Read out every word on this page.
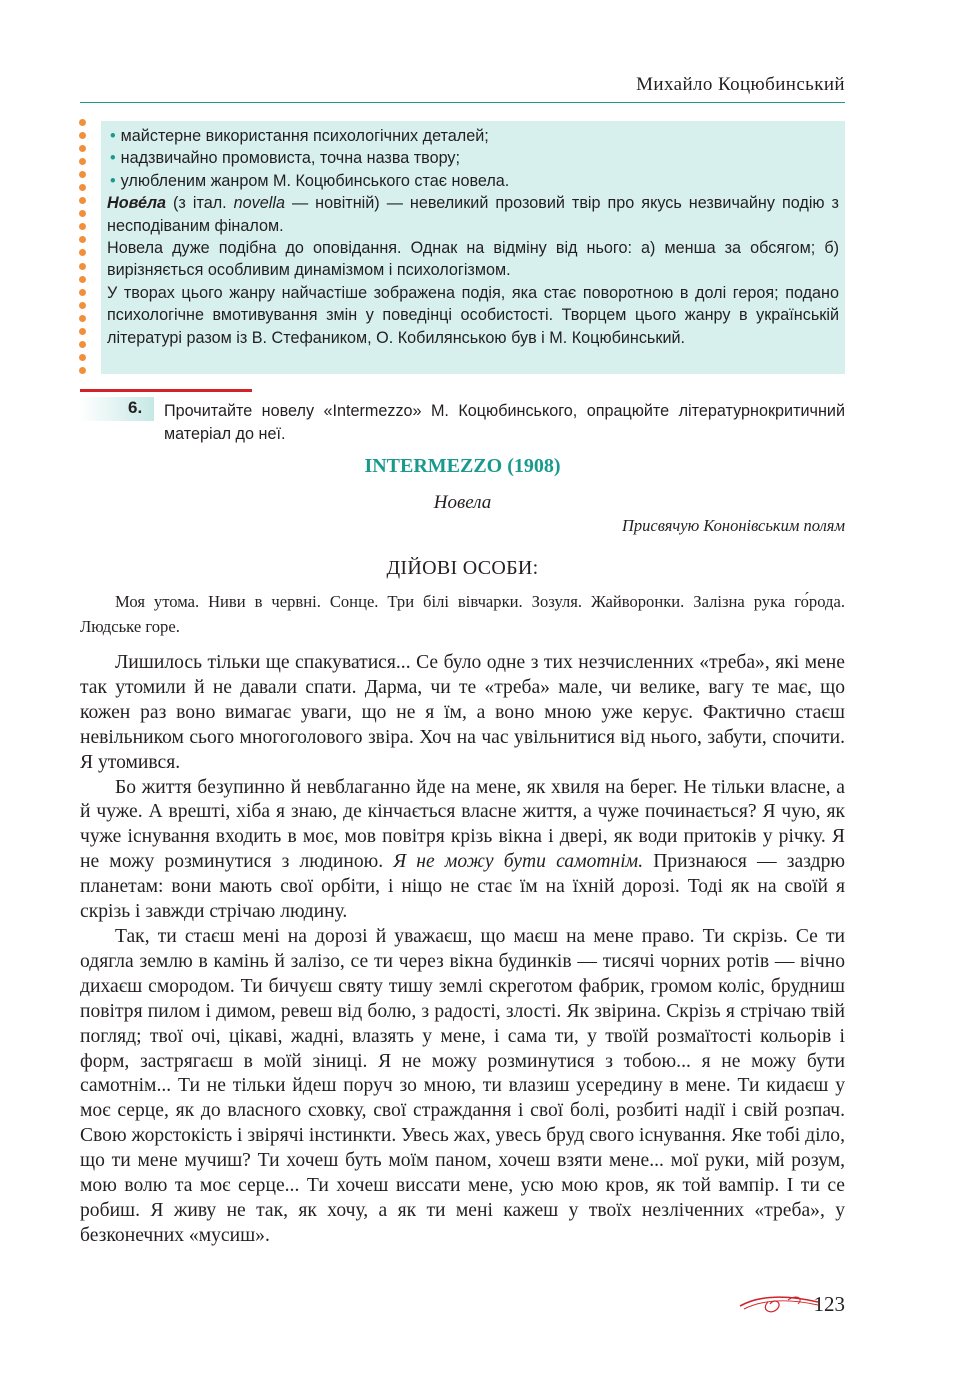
Михайло Коцюбинський

• майстерне використання психологічних деталей;

• надзвичайно промовиста, точна назва твору;

• улюбленим жанром М. Коцюбинського стає новела.

Нове́ла (з італ. novella — новітній) — невеликий прозовий твір про якусь незвичайну подію з несподіваним фіналом.

Новела дуже подібна до оповідання. Однак на відміну від нього: а) менша за обсягом; б) вирізняється особливим динамізмом і психологізмом.

У творах цього жанру найчастіше зображена подія, яка стає поворотною в долі героя; подано психологічне вмотивування змін у поведінці особистості. Творцем цього жанру в українській літературі разом із В. Стефаником, О. Кобилянською був і М. Коцюбинський.

6. Прочитайте новелу «Intermezzo» М. Коцюбинського, опрацюйте літературнокритичний матеріал до неї.
INTERMEZZO (1908)
Новела
Присвячую Кононівським полям
ДІЙОВІ ОСОБИ:

Моя утома. Ниви в червні. Сонце. Три білі вівчарки. Зозуля. Жайворонки. Залізна рука го́рода. Людське горе.

Лишилось тільки ще спакуватися... Се було одне з тих незчисленних «треба», які мене так утомили й не давали спати. Дарма, чи те «треба» мале, чи велике, вагу те має, що кожен раз воно вимагає уваги, що не я їм, а воно мною уже керує. Фактично стаєш невільником сього многоголового звіра. Хоч на час увільнитися від нього, забути, спочити. Я утомився.

Бо життя безупинно й невблаганно йде на мене, як хвиля на берег. Не тільки власне, а й чуже. А врешті, хіба я знаю, де кінчається власне життя, а чуже починається? Я чую, як чуже існування входить в моє, мов повітря крізь вікна і двері, як води притоків у річку. Я не можу розминутися з людиною. Я не можу бути самотнім. Признаюся — заздрю планетам: вони мають свої орбіти, і ніщо не стає їм на їхній дорозі. Тоді як на своїй я скрізь і завжди стрічаю людину.

Так, ти стаєш мені на дорозі й уважаєш, що маєш на мене право. Ти скрізь. Се ти одягла землю в камінь й залізо, се ти через вікна будинків — тисячі чорних ротів — вічно дихаєш смородом. Ти бичуєш святу тишу землі скреготом фабрик, громом коліс, брудниш повітря пилом і димом, ревеш від болю, з радості, злості. Як звірина. Скрізь я стрічаю твій погляд; твої очі, цікаві, жадні, влазять у мене, і сама ти, у твоїй розмаїтості кольорів і форм, застрягаєш в моїй зіниці. Я не можу розминутися з тобою... я не можу бути самотнім... Ти не тільки йдеш поруч зо мною, ти влазиш усередину в мене. Ти кидаєш у моє серце, як до власного сховку, свої страждання і свої болі, розбиті надії і свій розпач. Свою жорстокість і звірячі інстинкти. Увесь жах, увесь бруд свого існування. Яке тобі діло, що ти мене мучиш? Ти хочеш буть моїм паном, хочеш взяти мене... мої руки, мій розум, мою волю та моє серце... Ти хочеш виссати мене, усю мою кров, як той вампір. І ти се робиш. Я живу не так, як хочу, а як ти мені кажеш у твоїх незліченних «треба», у безконечних «мусиш».

123
